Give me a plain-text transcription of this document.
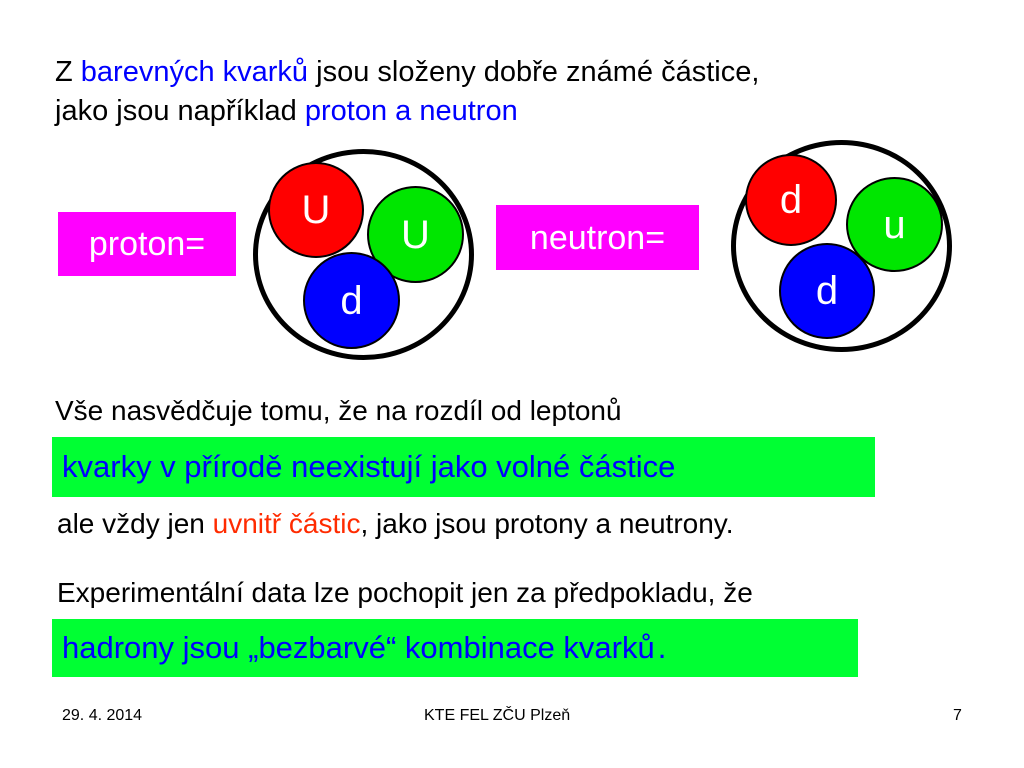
Z barevných kvarků jsou složeny dobře známé částice,
jako jsou například proton a neutron
proton=
U
U
d
neutron=
d
u
d
Vše nasvědčuje tomu, že na rozdíl od leptonů
kvarky v přírodě neexistují jako volné částice
ale vždy jen uvnitř částic, jako jsou protony a neutrony.
Experimentální data lze pochopit jen za předpokladu, že
hadrony jsou „bezbarvé“ kombinace kvarků .
29. 4. 2014	KTE FEL ZČU Plzeň	7
